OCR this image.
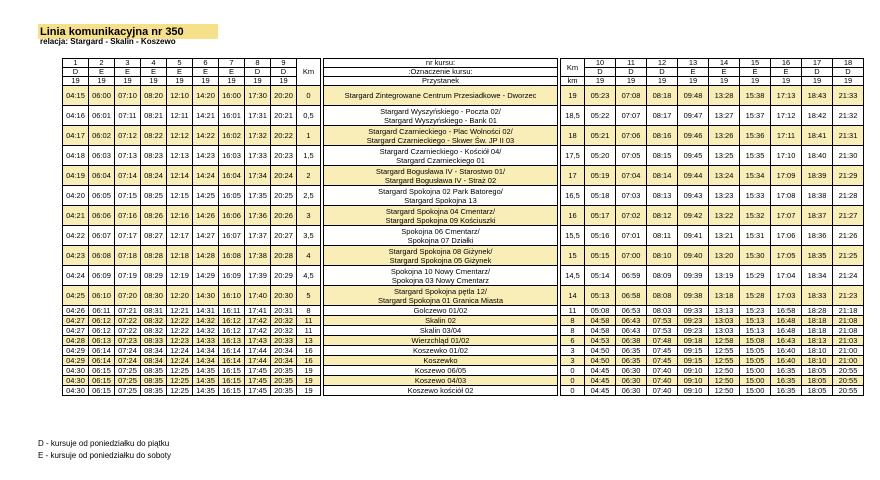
Linia komunikacyjna nr 350
relacja: Stargard - Skalin - Koszewo
1	2	3	4	5	6	7	8	9	Km		nr kursu:		Km	10	11	12	13	14	15	16	17	18
D	E	E	E	E	E	E	D	D			:Oznaczenie kursu:			D	D	D	E	E	E	E	D	D
19	19	19	19	19	19	19	19	19			Przystanek		km	19	19	19	19	19	19	19	19	19
04:15	06:00	07:10	08:20	12:10	14:20	16:00	17:30	20:20	0		Stargard Zintegrowane Centrum Przesiadkowe - Dworzec		19	05:23	07:08	08:18	09:48	13:28	15:38	17:13	18:43	21:33
04:16	06:01	07:11	08:21	12:11	14:21	16:01	17:31	20:21	0,5		Stargard Wyszyńskiego - Poczta 02/
Stargard Wyszyńskiego - Bank 01		18,5	05:22	07:07	08:17	09:47	13:27	15:37	17:12	18:42	21:32
04:17	06:02	07:12	08:22	12:12	14:22	16:02	17:32	20:22	1		Stargard Czarnieckiego - Plac Wolności 02/
Stargard Czarnieckiego - Skwer Św. JP II 03		18	05:21	07:06	08:16	09:46	13:26	15:36	17:11	18:41	21:31
04:18	06:03	07:13	08:23	12:13	14:23	16:03	17:33	20:23	1,5		Stargard Czarnieckiego - Kościół 04/
Stargard Czarnieckiego 01		17,5	05:20	07:05	08:15	09:45	13:25	15:35	17:10	18:40	21:30
04:19	06:04	07:14	08:24	12:14	14:24	16:04	17:34	20:24	2		Stargard Bogusława IV - Starostwo 01/
Stargard Bogusława IV - Straż 02		17	05:19	07:04	08:14	09:44	13:24	15:34	17:09	18:39	21:29
04:20	06:05	07:15	08:25	12:15	14:25	16:05	17:35	20:25	2,5		Stargard Spokojna 02 Park Batorego/
Stargard Spokojna 13		16,5	05:18	07:03	08:13	09:43	13:23	15:33	17:08	18:38	21:28
04:21	06:06	07:16	08:26	12:16	14:26	16:06	17:36	20:26	3		Stargard Spokojna 04 Cmentarz/
Stargard Spokojna 09 Kościuszki		16	05:17	07:02	08:12	09:42	13:22	15:32	17:07	18:37	21:27
04:22	06:07	07:17	08:27	12:17	14:27	16:07	17:37	20:27	3,5		Spokojna 06 Cmentarz/
Spokojna 07 Działki		15,5	05:16	07:01	08:11	09:41	13:21	15:31	17:06	18:36	21:26
04:23	06:08	07:18	08:28	12:18	14:28	16:08	17:38	20:28	4		Stargard Spokojna 08 Giżynek/
Stargard Spokojna 05 Giżynek		15	05:15	07:00	08:10	09:40	13:20	15:30	17:05	18:35	21:25
04:24	06:09	07:19	08:29	12:19	14:29	16:09	17:39	20:29	4,5		Spokojna 10 Nowy Cmentarz/
Spokojna 03 Nowy Cmentarz		14,5	05:14	06:59	08:09	09:39	13:19	15:29	17:04	18:34	21:24
04:25	06:10	07:20	08:30	12:20	14:30	16:10	17:40	20:30	5		Stargard Spokojna pętla 12/
Stargard Spokojna 01 Granica Miasta		14	05:13	06:58	08:08	09:38	13:18	15:28	17:03	18:33	21:23
04:26	06:11	07:21	08:31	12:21	14:31	16:11	17:41	20:31	8		Golczewo 01/02		11	05:08	06:53	08:03	09:33	13:13	15:23	16:58	18:28	21:18
04:27	06:12	07:22	08:32	12:22	14:32	16:12	17:42	20:32	11		Skalin 02		8	04:58	06:43	07:53	09:23	13:03	15:13	16:48	18:18	21:08
04:27	06:12	07:22	08:32	12:22	14:32	16:12	17:42	20:32	11		Skalin 03/04		8	04:58	06:43	07:53	09:23	13:03	15:13	16:48	18:18	21:08
04:28	06:13	07:23	08:33	12:23	14:33	16:13	17:43	20:33	13		Wierzchląd 01/02		6	04:53	06:38	07:48	09:18	12:58	15:08	16:43	18:13	21:03
04:29	06:14	07:24	08:34	12:24	14:34	16:14	17:44	20:34	16		Koszewko 01/02		3	04:50	06:35	07:45	09:15	12:55	15:05	16:40	18:10	21:00
04:29	06:14	07:24	08:34	12:24	14:34	16:14	17:44	20:34	16		Koszewko		3	04:50	06:35	07:45	09:15	12:55	15:05	16:40	18:10	21:00
04:30	06:15	07:25	08:35	12:25	14:35	16:15	17:45	20:35	19		Koszewo 06/05		0	04:45	06:30	07:40	09:10	12:50	15:00	16:35	18:05	20:55
04:30	06:15	07:25	08:35	12:25	14:35	16:15	17:45	20:35	19		Koszewo 04/03		0	04:45	06:30	07:40	09:10	12:50	15:00	16:35	18:05	20:55
04:30	06:15	07:25	08:35	12:25	14:35	16:15	17:45	20:35	19		Koszewo kościół 02		0	04:45	06:30	07:40	09:10	12:50	15:00	16:35	18:05	20:55
D - kursuje od poniedziałku do piątku
E - kursuje od poniedziałku do soboty
